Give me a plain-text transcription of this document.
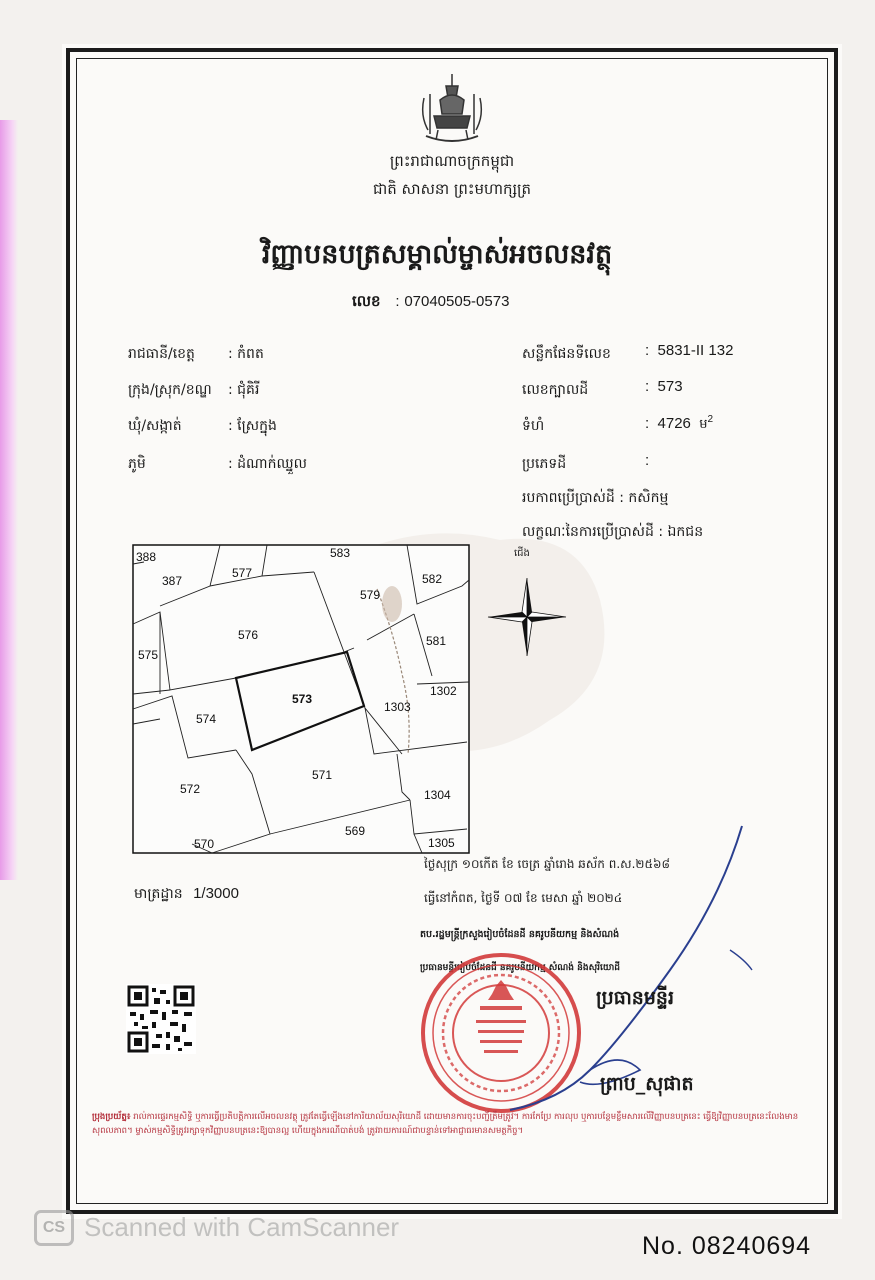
ព្រះរាជាណាចក្រកម្ពុជា
ជាតិ សាសនា ព្រះមហាក្សត្រ
វិញ្ញាបនបត្រសម្គាល់ម្ចាស់អចលនវត្ថុ
លេខ : 07040505-0573
រាជធានី/ខេត្ត : កំពត
ក្រុង/ស្រុក/ខណ្ឌ : ជុំគិរី
ឃុំ/សង្កាត់	: ស្រែក្នុង
ភូមិ	: ដំណាក់ឈ្នួល
សន្លឹកផែនទីលេខ :  5831-II 132
លេខក្បាលដី	:  573
ទំហំ	:  4726 ម$^2$
ប្រភេទដី	:
របកាពប្រើប្រាស់ដី : កសិកម្ម
លក្ខណៈនៃការប្រើប្រាស់ដី : ឯកជន
388
387
577
583
579
582
576	581
575
573
1302
574
1303
572
571
1304
570
569
1305
ជើង
មាត្រដ្ឋាន 1/3000
ថ្ងៃសុក្រ ១០កើត ខែ ចេត្រ ឆ្នាំរោង ឆស័ក ព.ស.២៥៦៨
ធ្វើនៅកំពត, ថ្ងៃទី ០៧ ខែ មេសា ឆ្នាំ ២០២៤
តប.រដ្ឋមន្ត្រីក្រសួងរៀបចំដែនដី នគរូបនីយកម្ម និងសំណង់
ប្រធានមន្ទីររៀបចំដែនដី នគរូបនីយកម្ម សំណង់ និងសុរិយោដី
ប្រធានមន្ទីរ
ព្រាប_សុផាត
ប្រុងប្រយ័ត្ន៖ រាល់ការផ្ទេរកម្មសិទ្ធិ ឬការធ្វើប្រតិបត្តិការលើអចលនវត្ថុ ត្រូវតែធ្វើឡើងនៅការិយាល័យសុរិយោដី ដោយមានការចុះបញ្ជីត្រឹមត្រូវ។ ការកែប្រែ ការលុប ឬការបន្ថែមខ្លឹមសារលើវិញ្ញាបនបត្រនេះ ធ្វើឱ្យវិញ្ញាបនបត្រនេះលែងមានសុពលភាព។ ម្ចាស់កម្មសិទ្ធិត្រូវរក្សាទុកវិញ្ញាបនបត្រនេះឱ្យបានល្អ ហើយក្នុងករណីបាត់បង់ ត្រូវរាយការណ៍ជាបន្ទាន់ទៅអាជ្ញាធរមានសមត្ថកិច្ច។
CS Scanned with CamScanner
No. 08240694
